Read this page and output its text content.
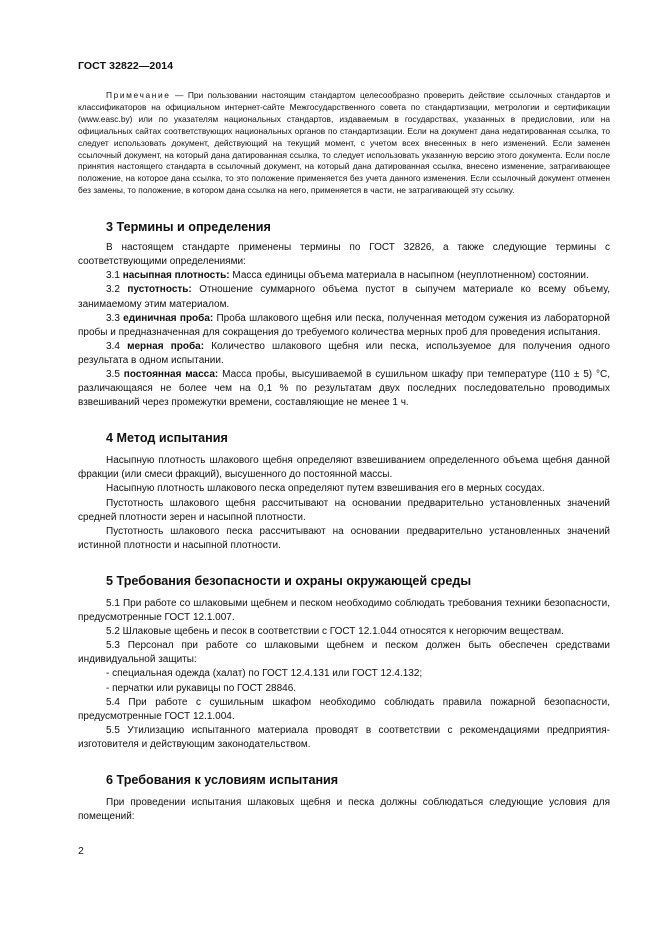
ГОСТ 32822—2014

Примечание — При пользовании настоящим стандартом целесообразно проверить действие ссылочных стандартов и классификаторов на официальном интернет-сайте Межгосударственного совета по стандартизации, метрологии и сертификации (www.easc.by) или по указателям национальных стандартов, издаваемым в государствах, указанных в предисловии, или на официальных сайтах соответствующих национальных органов по стандартизации. Если на документ дана недатированная ссылка, то следует использовать документ, действующий на текущий момент, с учетом всех внесенных в него изменений. Если заменен ссылочный документ, на который дана датированная ссылка, то следует использовать указанную версию этого документа. Если после принятия настоящего стандарта в ссылочный документ, на который дана датированная ссылка, внесено изменение, затрагивающее положение, на которое дана ссылка, то это положение применяется без учета данного изменения. Если ссылочный документ отменен без замены, то положение, в котором дана ссылка на него, применяется в части, не затрагивающей эту ссылку.

3 Термины и определения

В настоящем стандарте применены термины по ГОСТ 32826, а также следующие термины с соответствующими определениями:

3.1 насыпная плотность: Масса единицы объема материала в насыпном (неуплотненном) состоянии.

3.2 пустотность: Отношение суммарного объема пустот в сыпучем материале ко всему объему, занимаемому этим материалом.

3.3 единичная проба: Проба шлакового щебня или песка, полученная методом сужения из лабораторной пробы и предназначенная для сокращения до требуемого количества мерных проб для проведения испытания.

3.4 мерная проба: Количество шлакового щебня или песка, используемое для получения одного результата в одном испытании.

3.5 постоянная масса: Масса пробы, высушиваемой в сушильном шкафу при температуре (110 ± 5) °С, различающаяся не более чем на 0,1 % по результатам двух последних последовательно проводимых взвешиваний через промежутки времени, составляющие не менее 1 ч.

4 Метод испытания

Насыпную плотность шлакового щебня определяют взвешиванием определенного объема щебня данной фракции (или смеси фракций), высушенного до постоянной массы.

Насыпную плотность шлакового песка определяют путем взвешивания его в мерных сосудах.

Пустотность шлакового щебня рассчитывают на основании предварительно установленных значений средней плотности зерен и насыпной плотности.

Пустотность шлакового песка рассчитывают на основании предварительно установленных значений истинной плотности и насыпной плотности.

5 Требования безопасности и охраны окружающей среды

5.1 При работе со шлаковыми щебнем и песком необходимо соблюдать требования техники безопасности, предусмотренные ГОСТ 12.1.007.

5.2 Шлаковые щебень и песок в соответствии с ГОСТ 12.1.044 относятся к негорючим веществам.

5.3 Персонал при работе со шлаковыми щебнем и песком должен быть обеспечен средствами индивидуальной защиты:

- специальная одежда (халат) по ГОСТ 12.4.131 или ГОСТ 12.4.132;

- перчатки или рукавицы по ГОСТ 28846.

5.4 При работе с сушильным шкафом необходимо соблюдать правила пожарной безопасности, предусмотренные ГОСТ 12.1.004.

5.5 Утилизацию испытанного материала проводят в соответствии с рекомендациями предприятия-изготовителя и действующим законодательством.

6 Требования к условиям испытания

При проведении испытания шлаковых щебня и песка должны соблюдаться следующие условия для помещений:

2
